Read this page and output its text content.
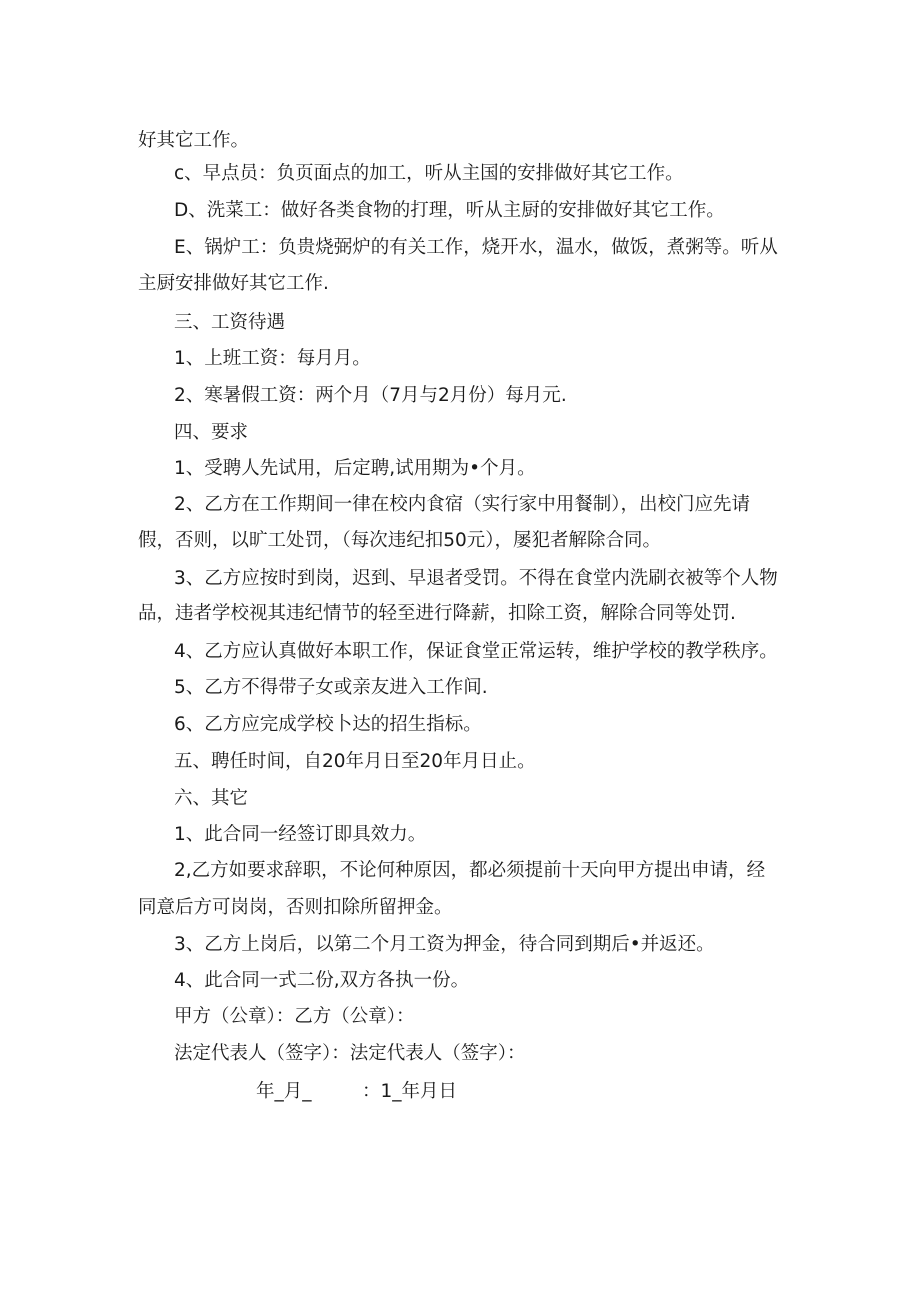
好其它工作。

c、早点员：负页面点的加工，听从主国的安排做好其它工作。

D、洗菜工：做好各类食物的打理，听从主厨的安排做好其它工作。

E、锅炉工：负贵烧弼炉的有关工作，烧开水，温水，做饭，煮粥等。听从

主厨安排做好其它工作.

三、工资待遇

1、上班工资：每月月。

2、寒暑假工资：两个月（7月与2月份）每月元.

四、要求

1、受聘人先试用，后定聘,试用期为•个月。

2、乙方在工作期间一律在校内食宿（实行家中用餐制），出校门应先请

假，否则，以旷工处罚，（每次违纪扣50元），屡犯者解除合同。

3、乙方应按时到岗，迟到、早退者受罚。不得在食堂内洗刷衣被等个人物

品，违者学校视其违纪情节的轻至进行降薪，扣除工资，解除合同等处罚.

4、乙方应认真做好本职工作，保证食堂正常运转，维护学校的教学秩序。

5、乙方不得带子女或亲友进入工作间.

6、乙方应完成学校卜达的招生指标。

五、聘任时间，自20年月日至20年月日止。

六、其它

1、此合同一经签订即具效力。

2,乙方如要求辞职，不论何种原因，都必须提前十天向甲方提出申请，经

同意后方可岗岗，否则扣除所留押金。

3、乙方上岗后，以第二个月工资为押金，待合同到期后•并返还。

4、此合同一式二份,双方各执一份。

甲方（公章）：乙方（公章）：

法定代表人（签字）：法定代表人（签字）：

年_月_	：1_年月日
